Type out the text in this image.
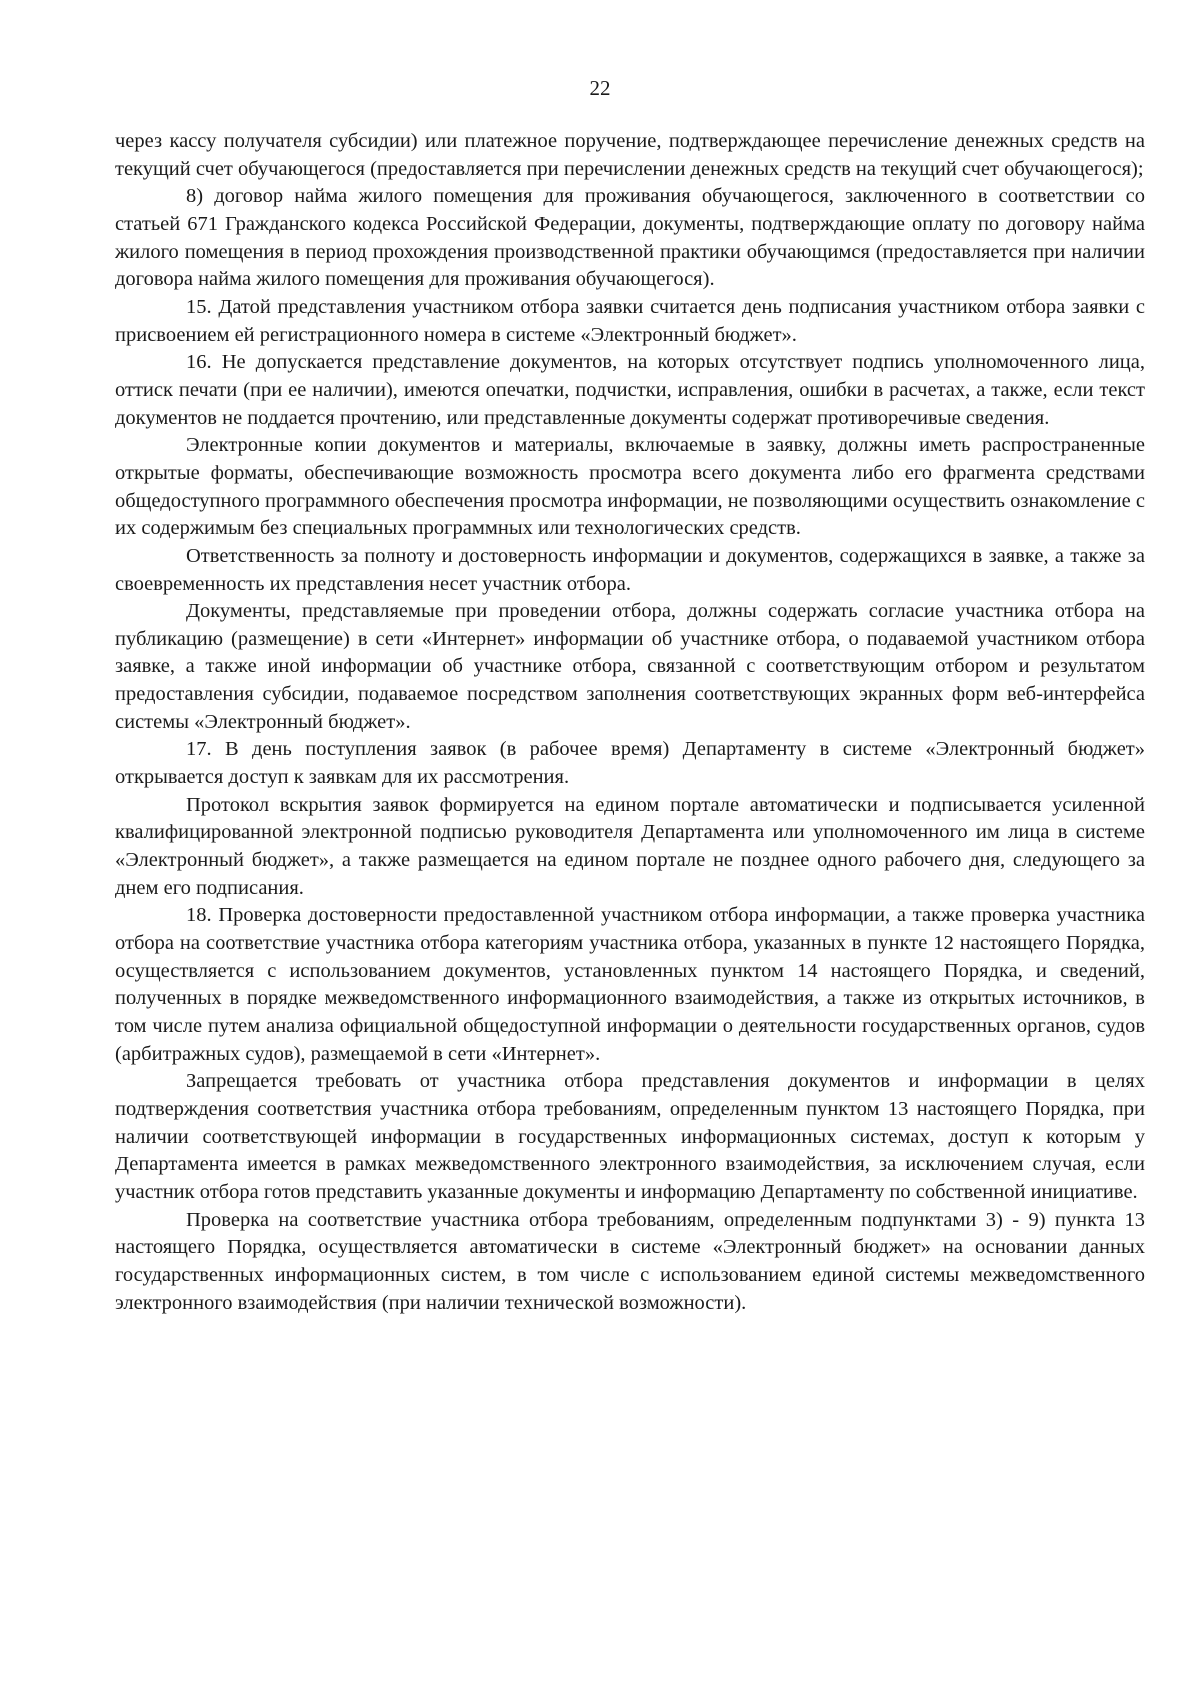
22

через кассу получателя субсидии) или платежное поручение, подтверждающее перечисление денежных средств на текущий счет обучающегося (предоставляется при перечислении денежных средств на текущий счет обучающегося);

8) договор найма жилого помещения для проживания обучающегося, заключенного в соответствии со статьей 671 Гражданского кодекса Российской Федерации, документы, подтверждающие оплату по договору найма жилого помещения в период прохождения производственной практики обучающимся (предоставляется при наличии договора найма жилого помещения для проживания обучающегося).

15. Датой представления участником отбора заявки считается день подписания участником отбора заявки с присвоением ей регистрационного номера в системе «Электронный бюджет».

16. Не допускается представление документов, на которых отсутствует подпись уполномоченного лица, оттиск печати (при ее наличии), имеются опечатки, подчистки, исправления, ошибки в расчетах, а также, если текст документов не поддается прочтению, или представленные документы содержат противоречивые сведения.

Электронные копии документов и материалы, включаемые в заявку, должны иметь распространенные открытые форматы, обеспечивающие возможность просмотра всего документа либо его фрагмента средствами общедоступного программного обеспечения просмотра информации, не позволяющими осуществить ознакомление с их содержимым без специальных программных или технологических средств.

Ответственность за полноту и достоверность информации и документов, содержащихся в заявке, а также за своевременность их представления несет участник отбора.

Документы, представляемые при проведении отбора, должны содержать согласие участника отбора на публикацию (размещение) в сети «Интернет» информации об участнике отбора, о подаваемой участником отбора заявке, а также иной информации об участнике отбора, связанной с соответствующим отбором и результатом предоставления субсидии, подаваемое посредством заполнения соответствующих экранных форм веб-интерфейса системы «Электронный бюджет».

17. В день поступления заявок (в рабочее время) Департаменту в системе «Электронный бюджет» открывается доступ к заявкам для их рассмотрения.

Протокол вскрытия заявок формируется на едином портале автоматически и подписывается усиленной квалифицированной электронной подписью руководителя Департамента или уполномоченного им лица в системе «Электронный бюджет», а также размещается на едином портале не позднее одного рабочего дня, следующего за днем его подписания.

18. Проверка достоверности предоставленной участником отбора информации, а также проверка участника отбора на соответствие участника отбора категориям участника отбора, указанных в пункте 12 настоящего Порядка, осуществляется с использованием документов, установленных пунктом 14 настоящего Порядка, и сведений, полученных в порядке межведомственного информационного взаимодействия, а также из открытых источников, в том числе путем анализа официальной общедоступной информации о деятельности государственных органов, судов (арбитражных судов), размещаемой в сети «Интернет».

Запрещается требовать от участника отбора представления документов и информации в целях подтверждения соответствия участника отбора требованиям, определенным пунктом 13 настоящего Порядка, при наличии соответствующей информации в государственных информационных системах, доступ к которым у Департамента имеется в рамках межведомственного электронного взаимодействия, за исключением случая, если участник отбора готов представить указанные документы и информацию Департаменту по собственной инициативе.

Проверка на соответствие участника отбора требованиям, определенным подпунктами 3) - 9) пункта 13 настоящего Порядка, осуществляется автоматически в системе «Электронный бюджет» на основании данных государственных информационных систем, в том числе с использованием единой системы межведомственного электронного взаимодействия (при наличии технической возможности).
